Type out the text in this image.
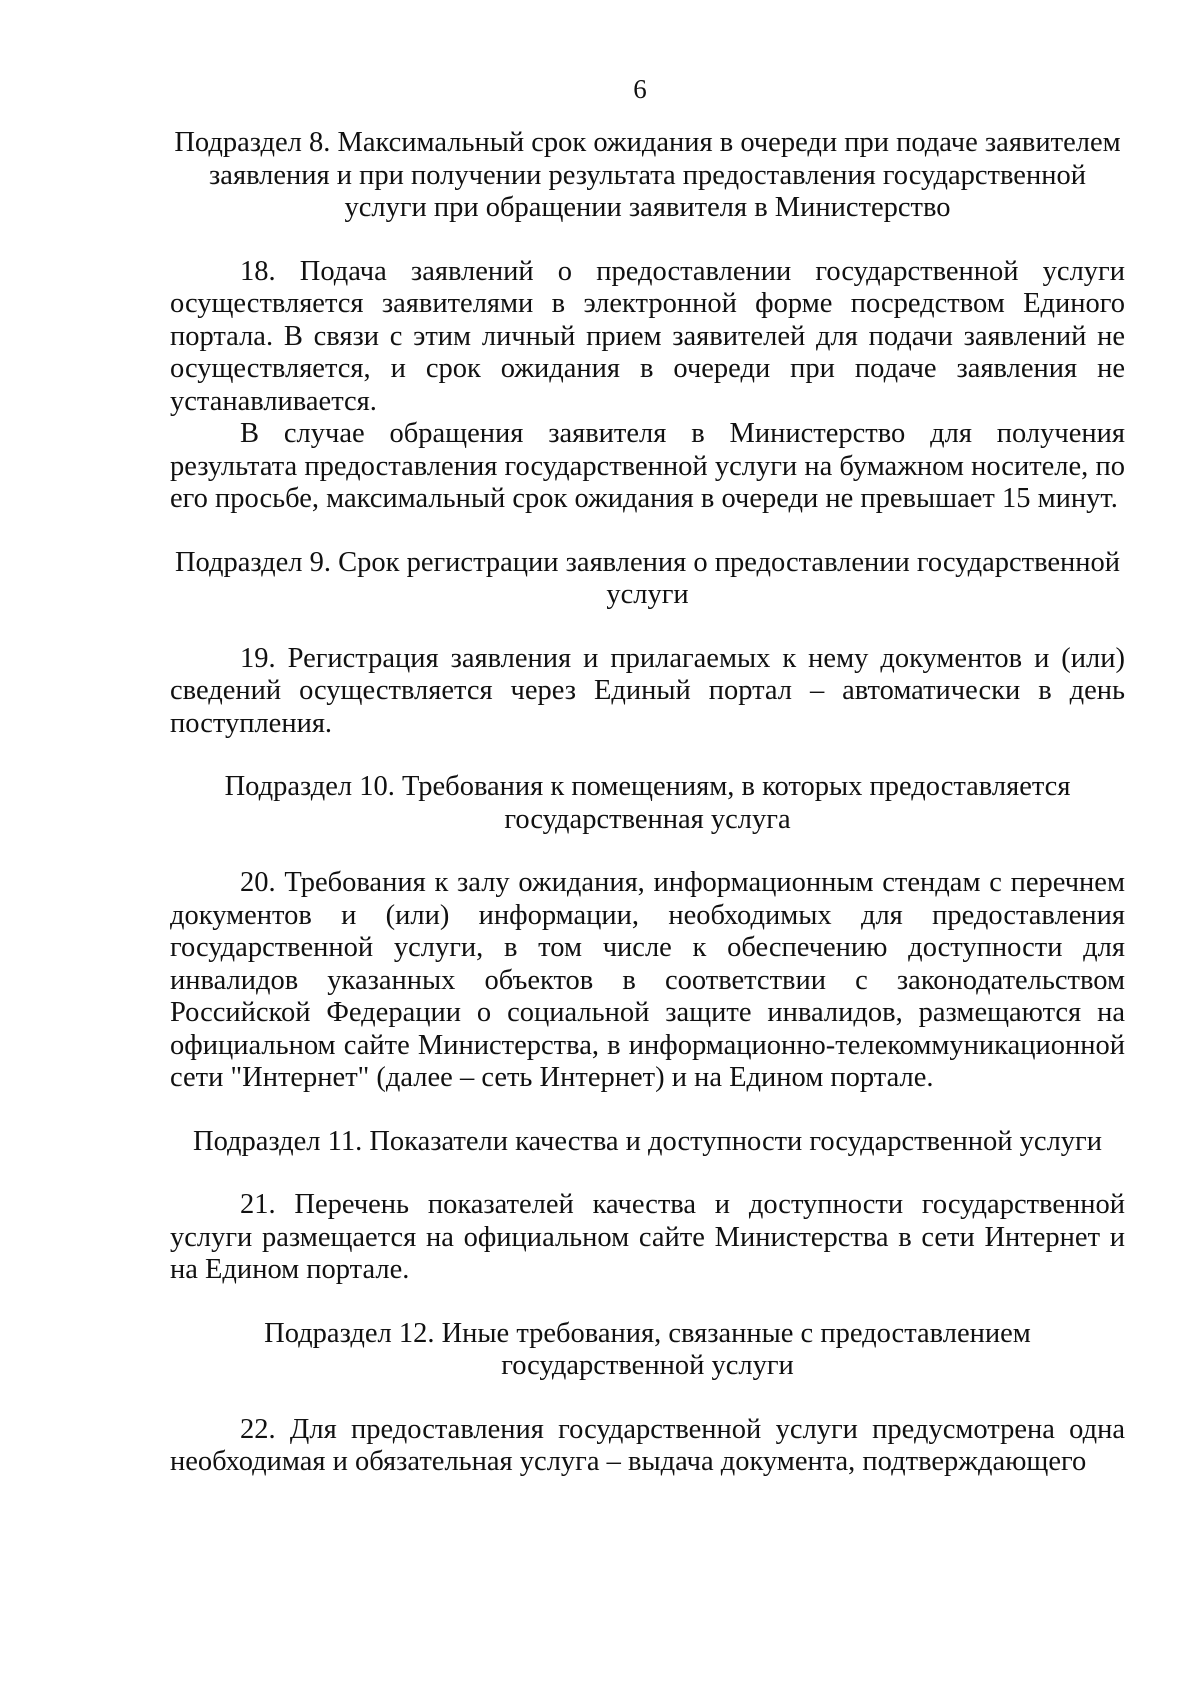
6

Подраздел 8. Максимальный срок ожидания в очереди при подаче заявителем заявления и при получении результата предоставления государственной услуги при обращении заявителя в Министерство

18. Подача заявлений о предоставлении государственной услуги осуществляется заявителями в электронной форме посредством Единого портала. В связи с этим личный прием заявителей для подачи заявлений не осуществляется, и срок ожидания в очереди при подаче заявления не устанавливается.

В случае обращения заявителя в Министерство для получения результата предоставления государственной услуги на бумажном носителе, по его просьбе, максимальный срок ожидания в очереди не превышает 15 минут.

Подраздел 9. Срок регистрации заявления о предоставлении государственной услуги

19. Регистрация заявления и прилагаемых к нему документов и (или) сведений осуществляется через Единый портал – автоматически в день поступления.

Подраздел 10. Требования к помещениям, в которых предоставляется государственная услуга

20. Требования к залу ожидания, информационным стендам с перечнем документов и (или) информации, необходимых для предоставления государственной услуги, в том числе к обеспечению доступности для инвалидов указанных объектов в соответствии с законодательством Российской Федерации о социальной защите инвалидов, размещаются на официальном сайте Министерства, в информационно-телекоммуникационной сети "Интернет" (далее – сеть Интернет) и на Едином портале.

Подраздел 11. Показатели качества и доступности государственной услуги

21. Перечень показателей качества и доступности государственной услуги размещается на официальном сайте Министерства в сети Интернет и на Едином портале.

Подраздел 12. Иные требования, связанные с предоставлением государственной услуги

22. Для предоставления государственной услуги предусмотрена одна необходимая и обязательная услуга – выдача документа, подтверждающего
